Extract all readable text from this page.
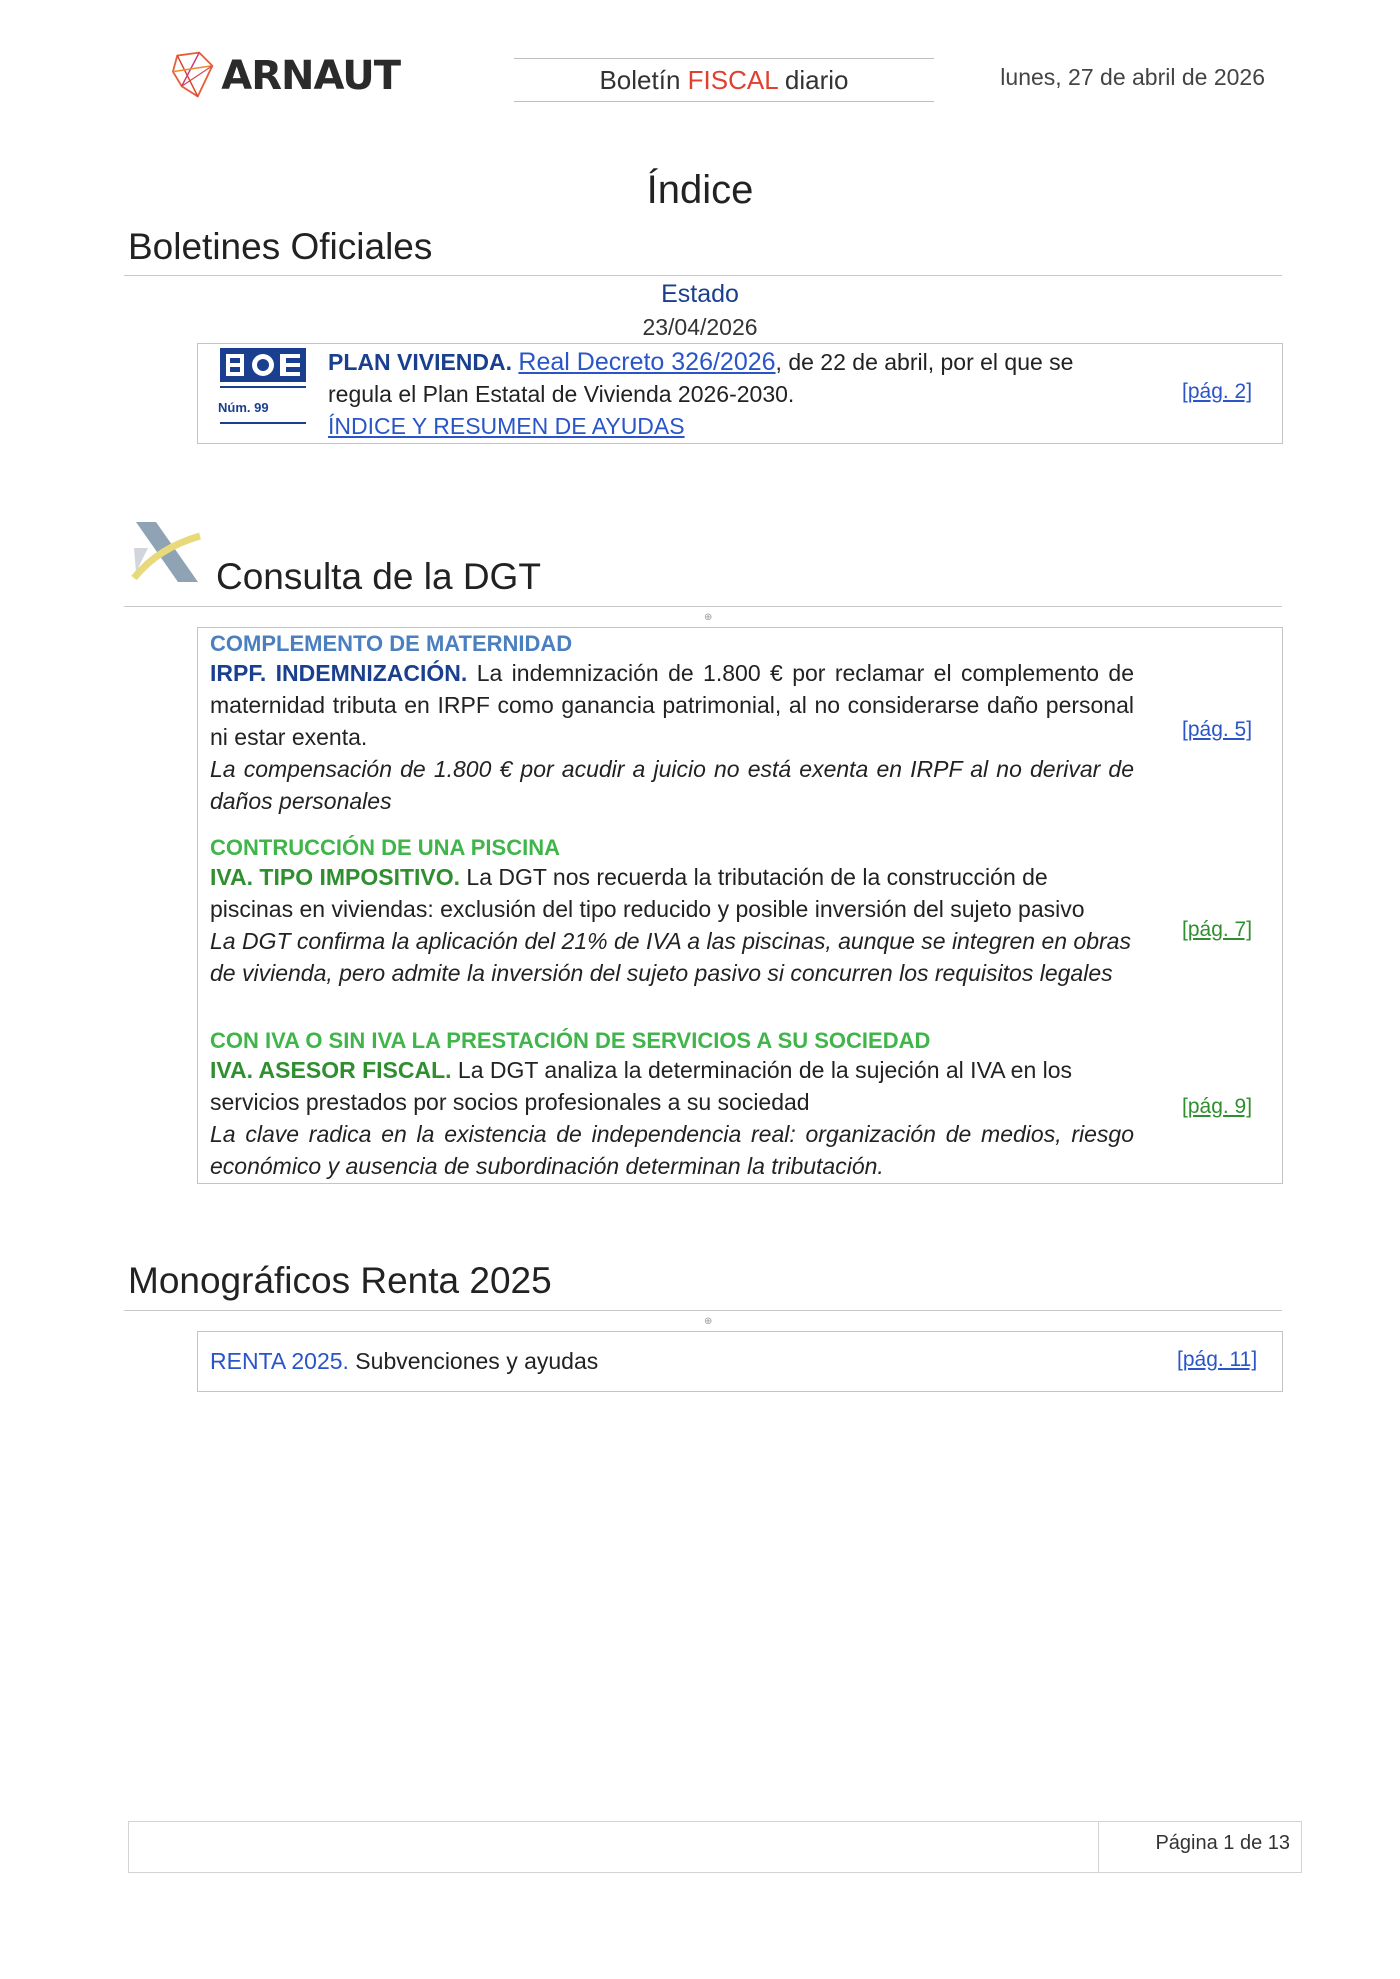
ARNAUT	Boletín FISCAL diario	lunes, 27 de abril de 2026
Índice
Boletines Oficiales
Estado
23/04/2026
Núm. 99
PLAN VIVIENDA. Real Decreto 326/2026, de 22 de abril, por el que se regula el Plan Estatal de Vivienda 2026-2030.
ÍNDICE Y RESUMEN DE AYUDAS
[pág. 2]
Consulta de la DGT
⊕
COMPLEMENTO DE MATERNIDAD
IRPF. INDEMNIZACIÓN. La indemnización de 1.800 € por reclamar el complemento de maternidad tributa en IRPF como ganancia patrimonial, al no considerarse daño personal ni estar exenta.
La compensación de 1.800 € por acudir a juicio no está exenta en IRPF al no derivar de daños personales
[pág. 5]
CONTRUCCIÓN DE UNA PISCINA
IVA. TIPO IMPOSITIVO. La DGT nos recuerda la tributación de la construcción de piscinas en viviendas: exclusión del tipo reducido y posible inversión del sujeto pasivo
La DGT confirma la aplicación del 21% de IVA a las piscinas, aunque se integren en obras de vivienda, pero admite la inversión del sujeto pasivo si concurren los requisitos legales
[pág. 7]
CON IVA O SIN IVA LA PRESTACIÓN DE SERVICIOS A SU SOCIEDAD
IVA. ASESOR FISCAL. La DGT analiza la determinación de la sujeción al IVA en los servicios prestados por socios profesionales a su sociedad
La clave radica en la existencia de independencia real: organización de medios, riesgo económico y ausencia de subordinación determinan la tributación.
[pág. 9]
Monográficos Renta 2025
⊕
RENTA 2025. Subvenciones y ayudas	[pág. 11]
Página 1 de 13
